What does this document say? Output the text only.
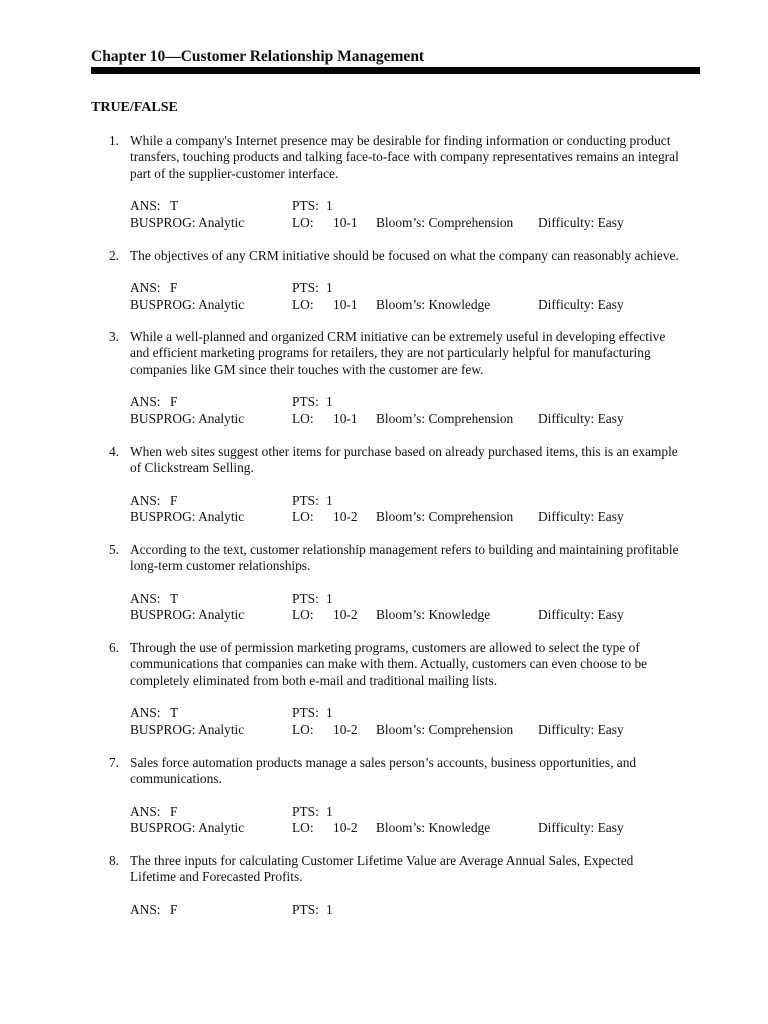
Chapter 10—Customer Relationship Management
TRUE/FALSE
1. While a company's Internet presence may be desirable for finding information or conducting product
transfers, touching products and talking face-to-face with company representatives remains an integral
part of the supplier-customer interface.
ANS: T	PTS: 1
BUSPROG: Analytic	LO: 10-1 Bloom’s: Comprehension Difficulty: Easy
2. The objectives of any CRM initiative should be focused on what the company can reasonably achieve.
ANS: F	PTS: 1
BUSPROG: Analytic	LO: 10-1 Bloom’s: Knowledge	Difficulty: Easy
3. While a well-planned and organized CRM initiative can be extremely useful in developing effective
and efficient marketing programs for retailers, they are not particularly helpful for manufacturing
companies like GM since their touches with the customer are few.
ANS: F	PTS: 1
BUSPROG: Analytic	LO: 10-1 Bloom’s: Comprehension Difficulty: Easy
4. When web sites suggest other items for purchase based on already purchased items, this is an example
of Clickstream Selling.
ANS: F	PTS: 1
BUSPROG: Analytic	LO: 10-2 Bloom’s: Comprehension Difficulty: Easy
5. According to the text, customer relationship management refers to building and maintaining profitable
long-term customer relationships.
ANS: T	PTS: 1
BUSPROG: Analytic	LO: 10-2 Bloom’s: Knowledge	Difficulty: Easy
6. Through the use of permission marketing programs, customers are allowed to select the type of
communications that companies can make with them. Actually, customers can even choose to be
completely eliminated from both e-mail and traditional mailing lists.
ANS: T	PTS: 1
BUSPROG: Analytic	LO: 10-2 Bloom’s: Comprehension Difficulty: Easy
7. Sales force automation products manage a sales person’s accounts, business opportunities, and
communications.
ANS: F	PTS: 1
BUSPROG: Analytic	LO: 10-2 Bloom’s: Knowledge	Difficulty: Easy
8. The three inputs for calculating Customer Lifetime Value are Average Annual Sales, Expected
Lifetime and Forecasted Profits.
ANS: F	PTS: 1
